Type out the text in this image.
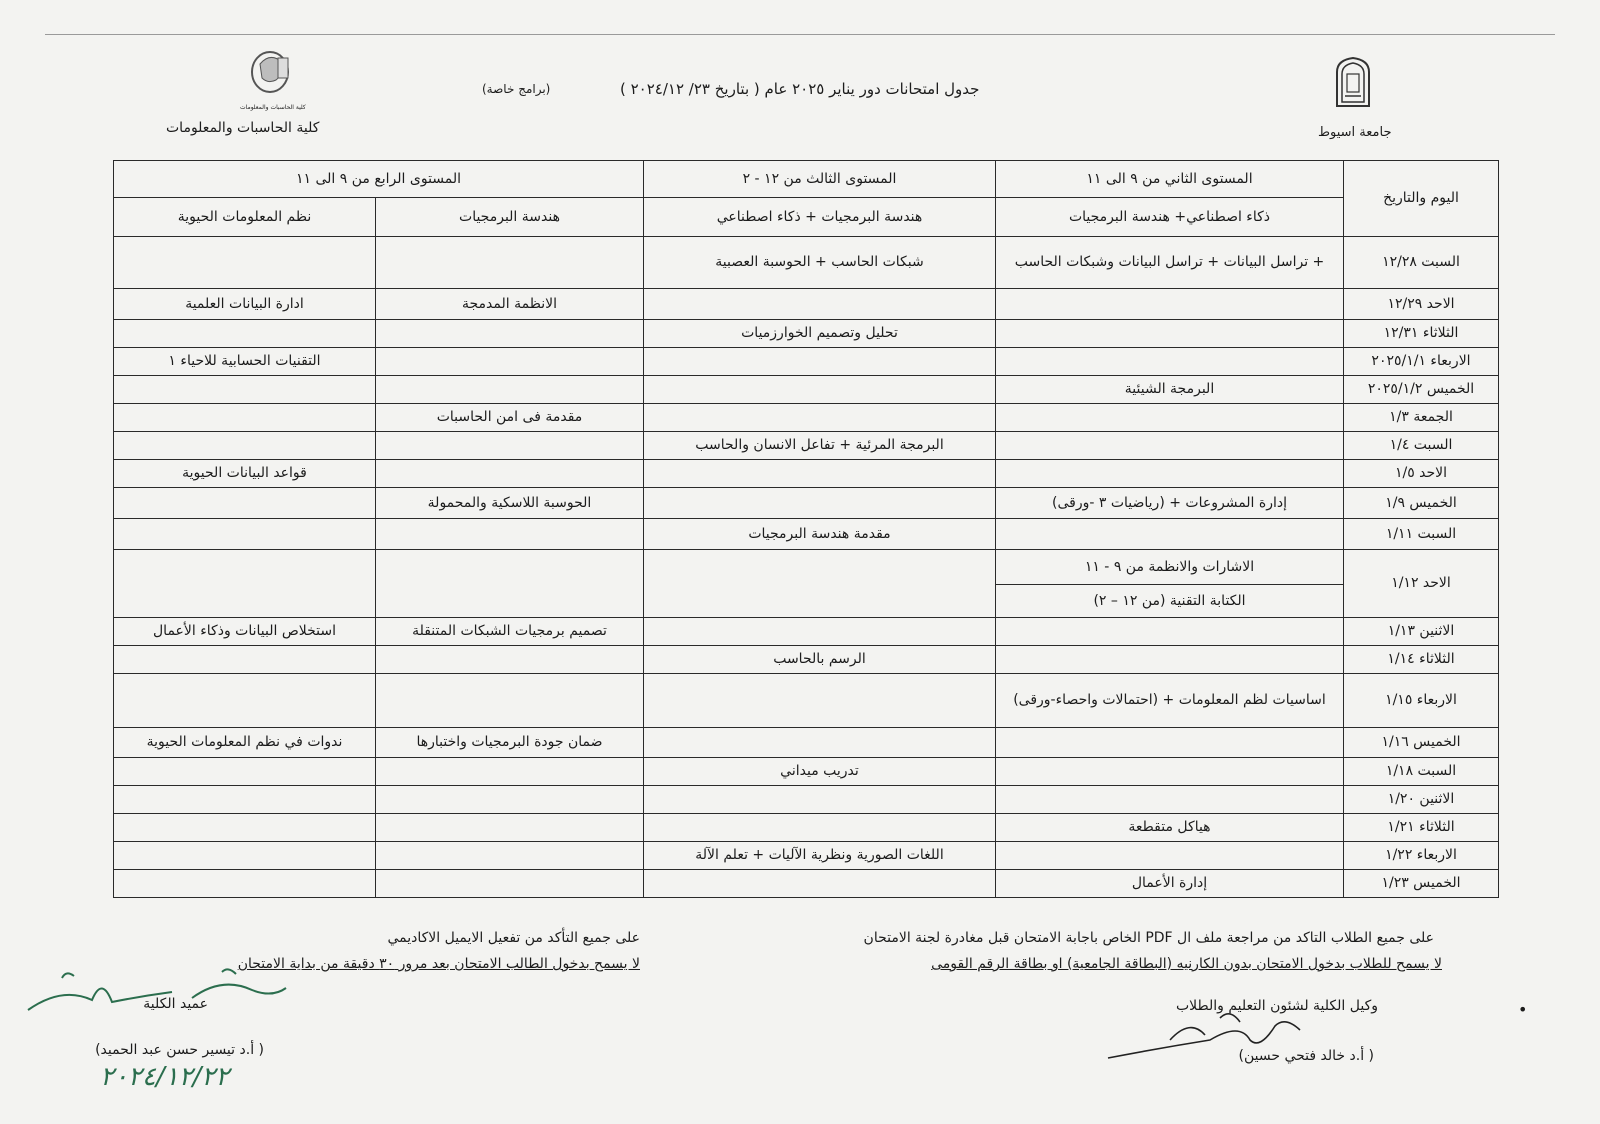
جامعة اسيوط
كلية الحاسبات والمعلومات
كلية الحاسبات والمعلومات
جدول امتحانات دور يناير ٢٠٢٥ عام ( بتاريخ ٢٣/ ٢٠٢٤/١٢ )
(برامج خاصة)
اليوم والتاريخ	المستوى الثاني من ٩ الى ١١	المستوى الثالث من ١٢ - ٢	المستوى الرابع من ٩ الى ١١	
	ذكاء اصطناعي+ هندسة البرمجيات	هندسة البرمجيات + ذكاء اصطناعي	هندسة البرمجيات	نظم المعلومات الحيوية
السبت ١٢/٢٨	+ تراسل البيانات + تراسل البيانات وشبكات الحاسب	شبكات الحاسب + الحوسبة العصبية		
الاحد ١٢/٢٩			الانظمة المدمجة	ادارة البيانات العلمية
الثلاثاء ١٢/٣١		تحليل وتصميم الخوارزميات		
الاربعاء ٢٠٢٥/١/١				التقنيات الحسابية للاحياء ١
الخميس ٢٠٢٥/١/٢	البرمجة الشيئية			
الجمعة ١/٣			مقدمة فى امن الحاسبات	
السبت ١/٤		البرمجة المرئية + تفاعل الانسان والحاسب		
الاحد ١/٥				قواعد البيانات الحيوية
الخميس ١/٩	إدارة المشروعات + (رياضيات ٣ -ورقى)		الحوسبة اللاسكية والمحمولة	
السبت ١/١١		مقدمة هندسة البرمجيات		
الاحد ١/١٢	الاشارات والانظمة من ٩ - ١١
الكتابة التقنية (من ١٢ – ٢)			

الاثنين ١/١٣			تصميم برمجيات الشبكات المتنقلة	استخلاص البيانات وذكاء الأعمال
الثلاثاء ١/١٤		الرسم بالحاسب		
الاربعاء ١/١٥	اساسيات لظم المعلومات + (احتمالات واحصاء-ورقى)			
الخميس ١/١٦			ضمان جودة البرمجيات واختبارها	ندوات في نظم المعلومات الحيوية
السبت ١/١٨		تدريب ميداني		
الاثنين ١/٢٠				
الثلاثاء ١/٢١	هياكل متقطعة			
الاربعاء ١/٢٢		اللغات الصورية ونظرية الآليات + تعلم الآلة		
الخميس ١/٢٣	إدارة الأعمال			
على جميع الطلاب التاكد من مراجعة ملف ال PDF الخاص باجابة الامتحان قبل مغادرة لجنة الامتحان
لا يسمح للطلاب بدخول الامتحان بدون الكارنيه (البطاقة الجامعية) او بطاقة الرقم القومى
على جميع التأكد من تفعيل الايميل الاكاديمي
لا يسمح بدخول الطالب الامتحان بعد مرور ٣٠ دقيقة من بداية الامتحان
وكيل الكلية لشئون التعليم والطلاب
( أ.د خالد فتحي حسين)
عميد الكلية
( أ.د تيسير حسن عبد الحميد)
٢٠٢٤/١٢/٢٢
•
